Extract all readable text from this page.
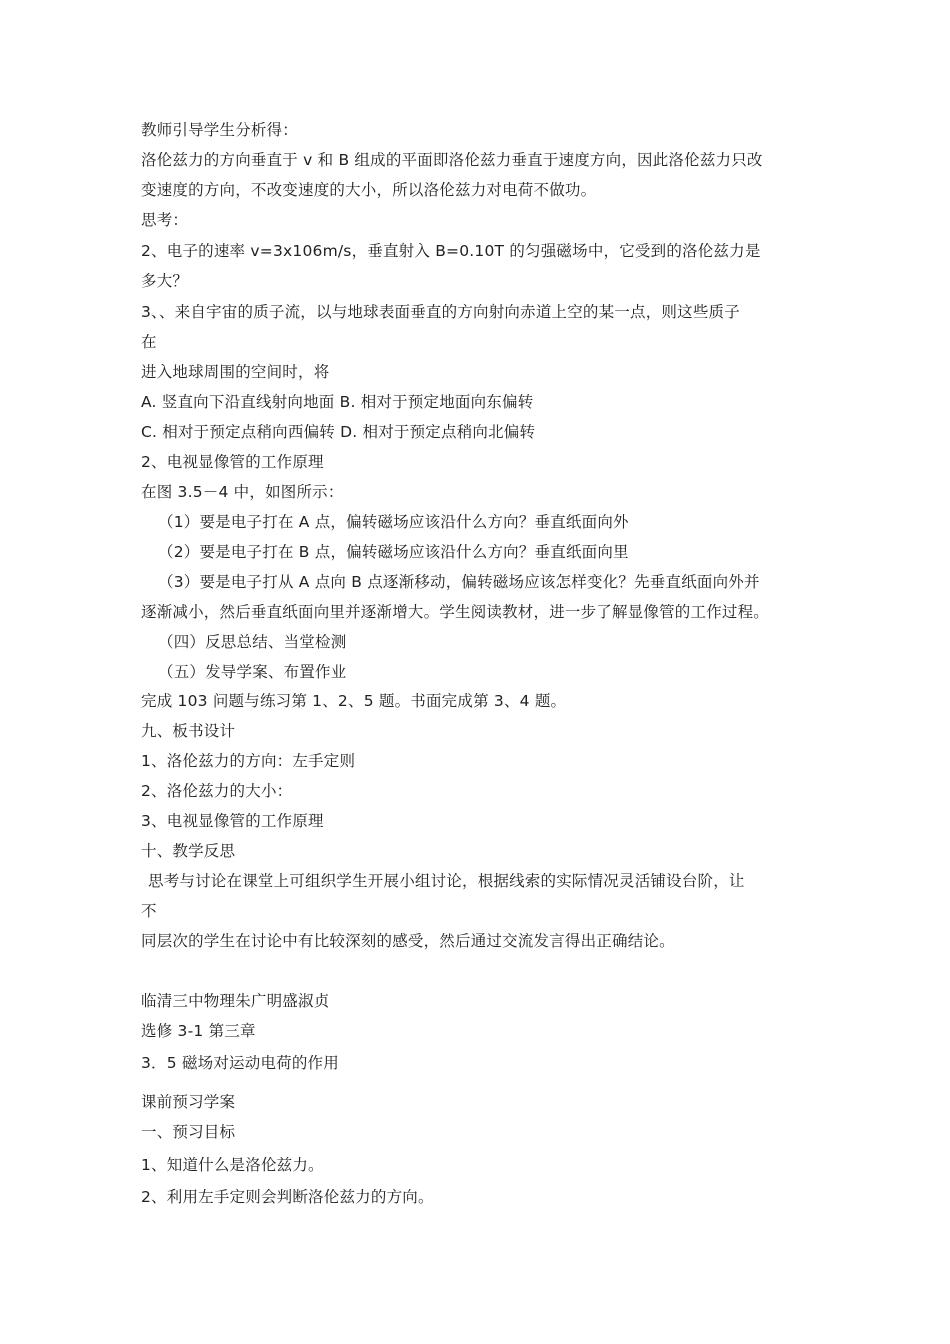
教师引导学生分析得：
洛伦兹力的方向垂直于 v 和 B 组成的平面即洛伦兹力垂直于速度方向，因此洛伦兹力只改
变速度的方向，不改变速度的大小，所以洛伦兹力对电荷不做功。
思考：
2、电子的速率 v=3x106m/s，垂直射入 B=0.10T 的匀强磁场中，它受到的洛伦兹力是
多大？
3、、来自宇宙的质子流，以与地球表面垂直的方向射向赤道上空的某一点，则这些质子
在
进入地球周围的空间时，将
A. 竖直向下沿直线射向地面 B. 相对于预定地面向东偏转
C. 相对于预定点稍向西偏转 D. 相对于预定点稍向北偏转
2、电视显像管的工作原理
在图 3.5－4 中，如图所示：
（1）要是电子打在 A 点，偏转磁场应该沿什么方向？垂直纸面向外
（2）要是电子打在 B 点，偏转磁场应该沿什么方向？垂直纸面向里
（3）要是电子打从 A 点向 B 点逐渐移动，偏转磁场应该怎样变化？先垂直纸面向外并
逐渐减小，然后垂直纸面向里并逐渐增大。学生阅读教材，进一步了解显像管的工作过程。
（四）反思总结、当堂检测
（五）发导学案、布置作业
完成 103 问题与练习第 1、2、5 题。书面完成第 3、4 题。
九、板书设计
1、洛伦兹力的方向：左手定则
2、洛伦兹力的大小：
3、电视显像管的工作原理
十、教学反思
思考与讨论在课堂上可组织学生开展小组讨论，根据线索的实际情况灵活铺设台阶，让
不
同层次的学生在讨论中有比较深刻的感受，然后通过交流发言得出正确结论。
临清三中物理朱广明盛淑贞
选修 3-1 第三章
3．5 磁场对运动电荷的作用
课前预习学案
一、预习目标
1、知道什么是洛伦兹力。
2、利用左手定则会判断洛伦兹力的方向。
